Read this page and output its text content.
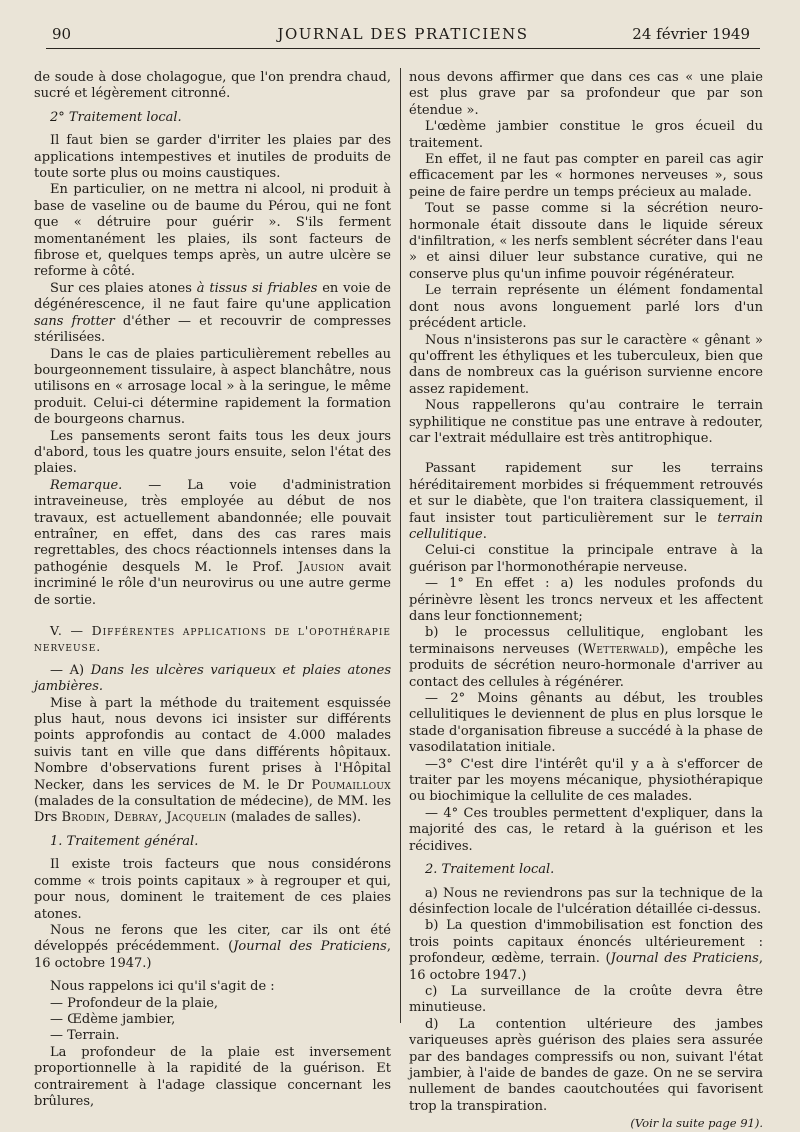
90	JOURNAL DES PRATICIENS	24 février 1949

de soude à dose cholagogue, que l'on prendra chaud, sucré et légèrement citronné.

2° Traitement local.

Il faut bien se garder d'irriter les plaies par des applications intempestives et inutiles de produits de toute sorte plus ou moins caustiques.

En particulier, on ne mettra ni alcool, ni produit à base de vaseline ou de baume du Pérou, qui ne font que « détruire pour guérir ». S'ils ferment momentanément les plaies, ils sont facteurs de fibrose et, quelques temps après, un autre ulcère se reforme à côté.

Sur ces plaies atones à tissus si friables en voie de dégénérescence, il ne faut faire qu'une application sans frotter d'éther — et recouvrir de compresses stérilisées.

Dans le cas de plaies particulièrement rebelles au bourgeonnement tissulaire, à aspect blanchâtre, nous utilisons en « arrosage local » à la seringue, le même produit. Celui-ci détermine rapidement la formation de bourgeons charnus.

Les pansements seront faits tous les deux jours d'abord, tous les quatre jours ensuite, selon l'état des plaies.

Remarque. — La voie d'administration intraveineuse, très employée au début de nos travaux, est actuellement abandonnée; elle pouvait entraîner, en effet, dans des cas rares mais regrettables, des chocs réactionnels intenses dans la pathogénie desquels M. le Prof. Jausion avait incriminé le rôle d'un neurovirus ou une autre germe de sortie.

V. — Différentes applications de l'opothérapie nerveuse.

— A) Dans les ulcères variqueux et plaies atones jambières.

Mise à part la méthode du traitement esquissée plus haut, nous devons ici insister sur différents points approfondis au contact de 4.000 malades suivis tant en ville que dans différents hôpitaux. Nombre d'observations furent prises à l'Hôpital Necker, dans les services de M. le Dr Poumailloux (malades de la consultation de médecine), de MM. les Drs Brodin, Debray, Jacquelin (malades de salles).

1. Traitement général.

Il existe trois facteurs que nous considérons comme « trois points capitaux » à regrouper et qui, pour nous, dominent le traitement de ces plaies atones.

Nous ne ferons que les citer, car ils ont été développés précédemment. (Journal des Praticiens, 16 octobre 1947.)

Nous rappelons ici qu'il s'agit de :

— Profondeur de la plaie,

— Œdème jambier,

— Terrain.

La profondeur de la plaie est inversement proportionnelle à la rapidité de la guérison. Et contrairement à l'adage classique concernant les brûlures,

nous devons affirmer que dans ces cas « une plaie est plus grave par sa profondeur que par son étendue ».

L'œdème jambier constitue le gros écueil du traitement.

En effet, il ne faut pas compter en pareil cas agir efficacement par les « hormones nerveuses », sous peine de faire perdre un temps précieux au malade.

Tout se passe comme si la sécrétion neuro-hormonale était dissoute dans le liquide séreux d'infiltration, « les nerfs semblent sécréter dans l'eau » et ainsi diluer leur substance curative, qui ne conserve plus qu'un infime pouvoir régénérateur.

Le terrain représente un élément fondamental dont nous avons longuement parlé lors d'un précédent article.

Nous n'insisterons pas sur le caractère « gênant » qu'offrent les éthyliques et les tuberculeux, bien que dans de nombreux cas la guérison survienne encore assez rapidement.

Nous rappellerons qu'au contraire le terrain syphilitique ne constitue pas une entrave à redouter, car l'extrait médullaire est très antitrophique.

Passant rapidement sur les terrains héréditairement morbides si fréquemment retrouvés et sur le diabète, que l'on traitera classiquement, il faut insister tout particulièrement sur le terrain cellulitique.

Celui-ci constitue la principale entrave à la guérison par l'hormonothérapie nerveuse.

— 1° En effet : a) les nodules profonds du périnèvre lèsent les troncs nerveux et les affectent dans leur fonctionnement;

b) le processus cellulitique, englobant les terminaisons nerveuses (Wetterwald), empêche les produits de sécrétion neuro-hormonale d'arriver au contact des cellules à régénérer.

— 2° Moins gênants au début, les troubles cellulitiques le deviennent de plus en plus lorsque le stade d'organisation fibreuse a succédé à la phase de vasodilatation initiale.

—3° C'est dire l'intérêt qu'il y a à s'efforcer de traiter par les moyens mécanique, physiothérapique ou biochimique la cellulite de ces malades.

— 4° Ces troubles permettent d'expliquer, dans la majorité des cas, le retard à la guérison et les récidives.

2. Traitement local.

a) Nous ne reviendrons pas sur la technique de la désinfection locale de l'ulcération détaillée ci-dessus.

b) La question d'immobilisation est fonction des trois points capitaux énoncés ultérieurement : profondeur, œdème, terrain. (Journal des Praticiens, 16 octobre 1947.)

c) La surveillance de la croûte devra être minutieuse.

d) La contention ultérieure des jambes variqueuses après guérison des plaies sera assurée par des bandages compressifs ou non, suivant l'état jambier, à l'aide de bandes de gaze. On ne se servira nullement de bandes caoutchoutées qui favorisent trop la transpiration.

(Voir la suite page 91).
